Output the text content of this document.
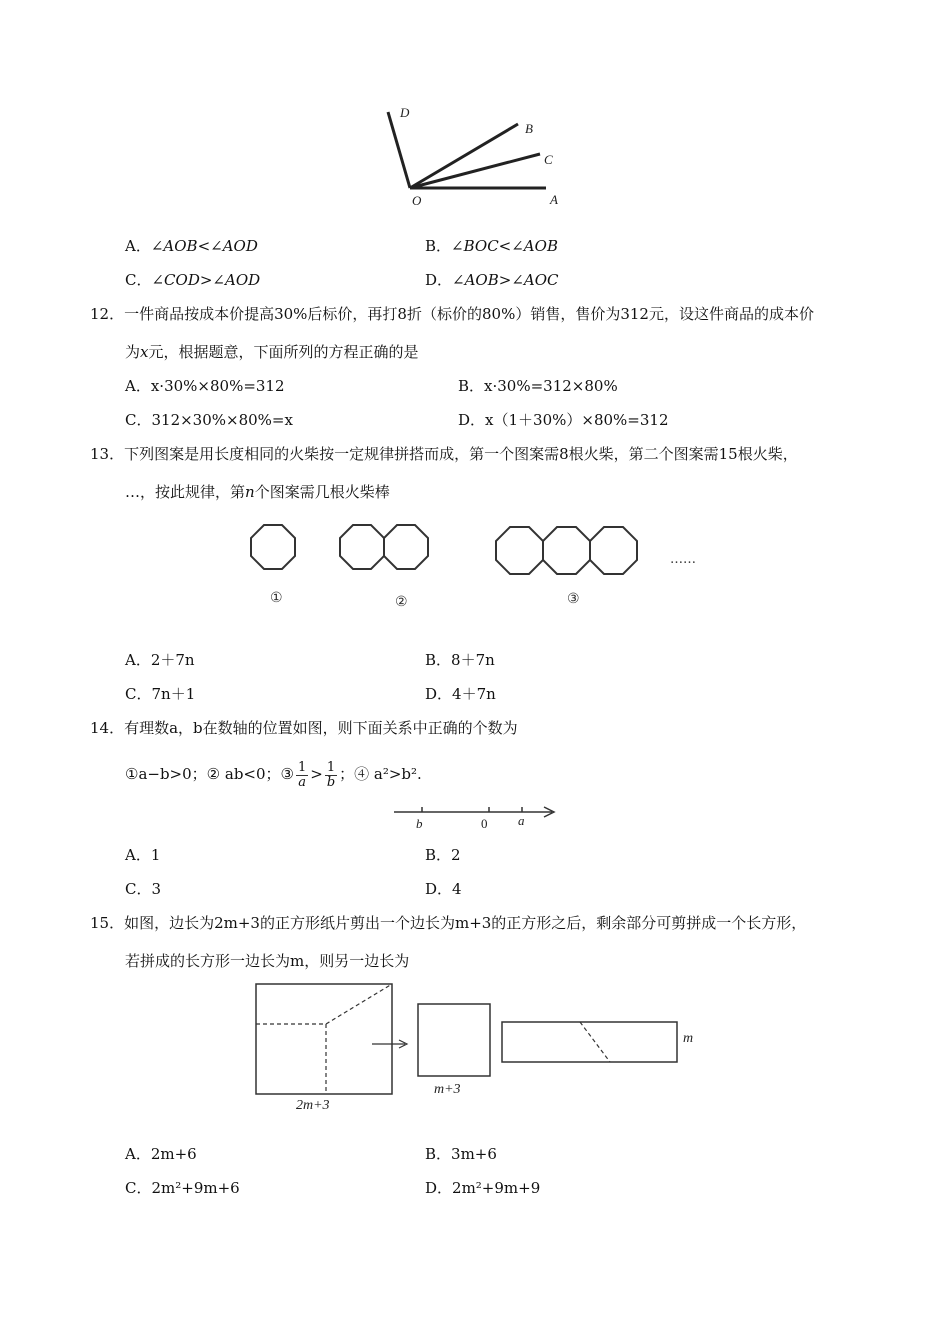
D
B
C
O	A
A．∠AOB<∠AOD	B．∠BOC<∠AOB
C．∠COD>∠AOD	D．∠AOB>∠AOC
12．一件商品按成本价提高30%后标价，再打8折（标价的80%）销售，售价为312元，设这件商品的成本价
为x元，根据题意，下面所列的方程正确的是
A．x·30%×80%=312	B．x·30%=312×80%
C．312×30%×80%=x	D．x（1＋30%）×80%=312
13．下列图案是用长度相同的火柴按一定规律拼搭而成，第一个图案需8根火柴，第二个图案需15根火柴，
…，按此规律，第n个图案需几根火柴棒
……
①	②	③
A．2＋7n	B．8＋7n
C．7n＋1	D．4＋7n
14．有理数a，b在数轴的位置如图，则下面关系中正确的个数为
①a−b>0；② ab<0；③ $\frac{1}{a} > \frac{1}{b}$ ；④ a²>b².
b	0 a
A．1	B．2
C．3	D．4
15．如图，边长为2m+3的正方形纸片剪出一个边长为m+3的正方形之后，剩余部分可剪拼成一个长方形，
若拼成的长方形一边长为m，则另一边长为
2m+3
m+3
m
A．2m+6	B．3m+6
C．2m²+9m+6	D．2m²+9m+9
